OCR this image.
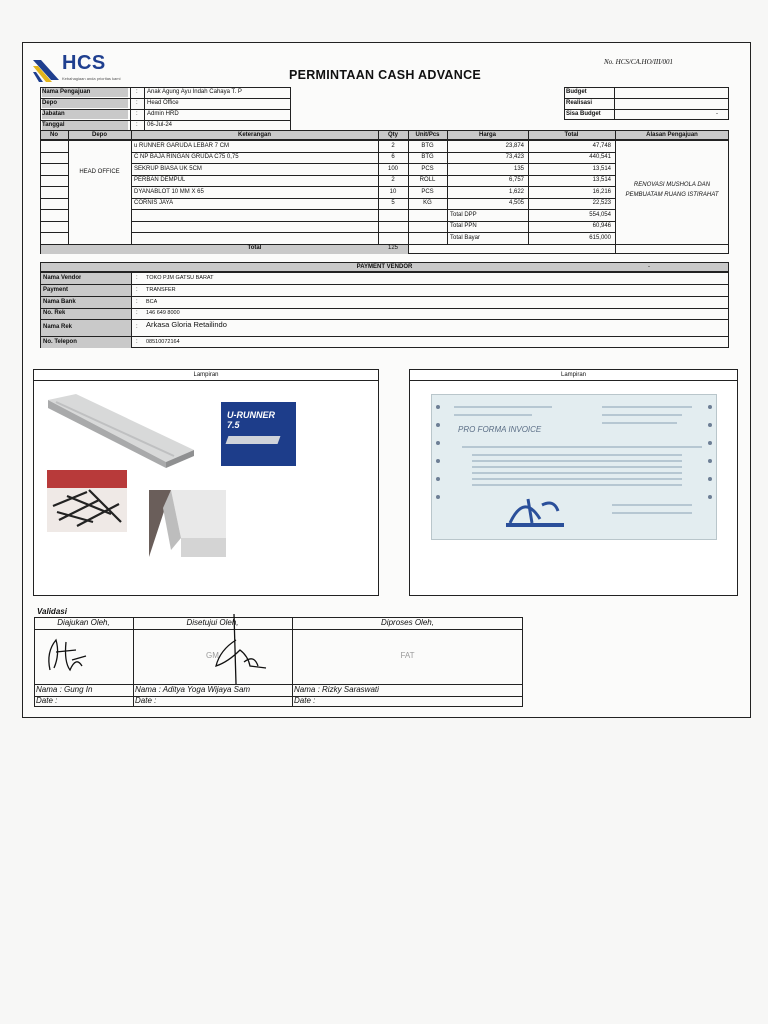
HCS
Kebahagiaan anda prioritas kami	PERMINTAAN CASH ADVANCE
No. HCS/CA.HO/III/001
Nama Pengajuan	: Anak Agung Ayu Indah Cahaya T. P
Depo	: Head Office
Jabatan	: Admin HRD
Tanggal	: 06-Jul-24
Budget
Realisasi
Sisa Budget	-
No	Depo	Keterangan	Qty	Unit/Pcs	Harga	Total	Alasan Pengajuan
HEAD OFFICE
u RUNNER GARUDA LEBAR 7 CM	2	BTG	23,874	47,748
C NP BAJA RINGAN GRUDA C75 0,75	6	BTG	73,423	440,541
SEKRUP BIASA UK 5CM	100	PCS	135	13,514
PERBAN DEMPUL	2	ROLL	6,757	13,514
DYANABLOT 10 MM X 65	10	PCS	1,622	16,216
CORNIS JAYA	5	KG	4,505	22,523
Total DPP	554,054
Total PPN	60,946
Total Bayar	615,000
RENOVASI MUSHOLA DAN PEMBUATAM RUANG ISTIRAHAT
Total	125
PAYMENT VENDOR	-
Nama Vendor	: TOKO PJM GATSU BARAT
Payment	: TRANSFER
Nama Bank	: BCA
No. Rek	: 146 649 8000
Nama Rek	: Arkasa Gloria Retailindo
No. Telepon	: 08510072164
Lampiran
U-RUNNER 7.5
Lampiran
PRO FORMA INVOICE
Validasi
Diajukan Oleh,
Nama : Gung In
Date :
Disetujui Oleh,
GM
Nama : Aditya Yoga Wijaya Sam
Date :
Diproses Oleh,
FAT
Nama : Rizky Saraswati
Date :
